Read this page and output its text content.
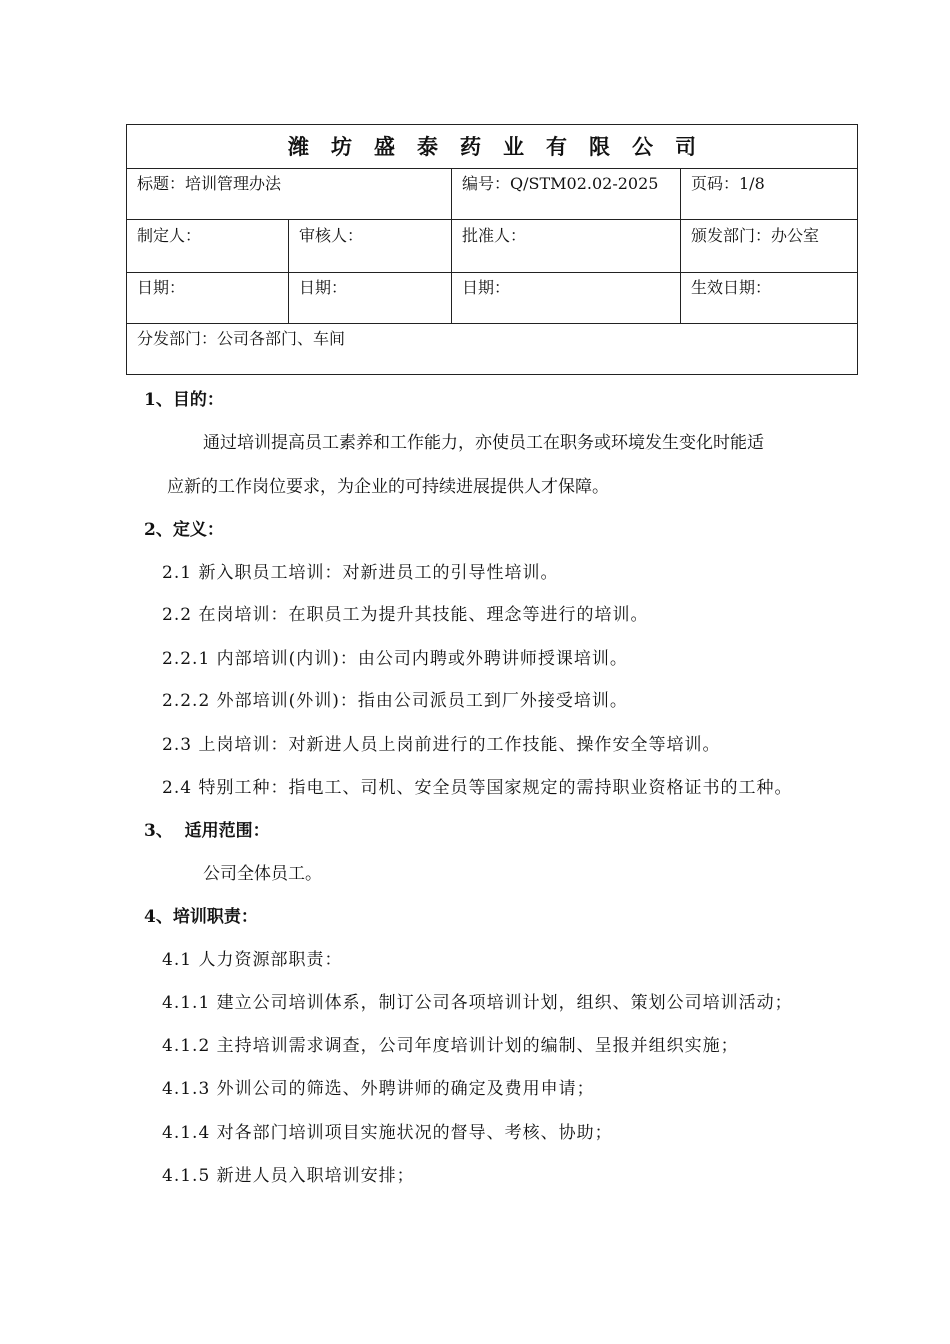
潍坊盛泰药业有限公司			
标题：培训管理办法		编号：Q/STM02.02-2025	页码：1/8
制定人：	审核人：	批准人：	颁发部门：办公室
日期：	日期：	日期：	生效日期：
分发部门：公司各部门、车间			
1、目的：
通过培训提高员工素养和工作能力，亦使员工在职务或环境发生变化时能适
应新的工作岗位要求，为企业的可持续进展提供人才保障。
2、定义：
2.1 新入职员工培训：对新进员工的引导性培训。
2.2 在岗培训：在职员工为提升其技能、理念等进行的培训。
2.2.1 内部培训(内训)：由公司内聘或外聘讲师授课培训。
2.2.2 外部培训(外训)：指由公司派员工到厂外接受培训。
2.3 上岗培训：对新进人员上岗前进行的工作技能、操作安全等培训。
2.4 特别工种：指电工、司机、安全员等国家规定的需持职业资格证书的工种。
3、  适用范围：
公司全体员工。
4、培训职责：
4.1 人力资源部职责：
4.1.1 建立公司培训体系，制订公司各项培训计划，组织、策划公司培训活动；
4.1.2 主持培训需求调查，公司年度培训计划的编制、呈报并组织实施；
4.1.3 外训公司的筛选、外聘讲师的确定及费用申请；
4.1.4 对各部门培训项目实施状况的督导、考核、协助；
4.1.5 新进人员入职培训安排；
